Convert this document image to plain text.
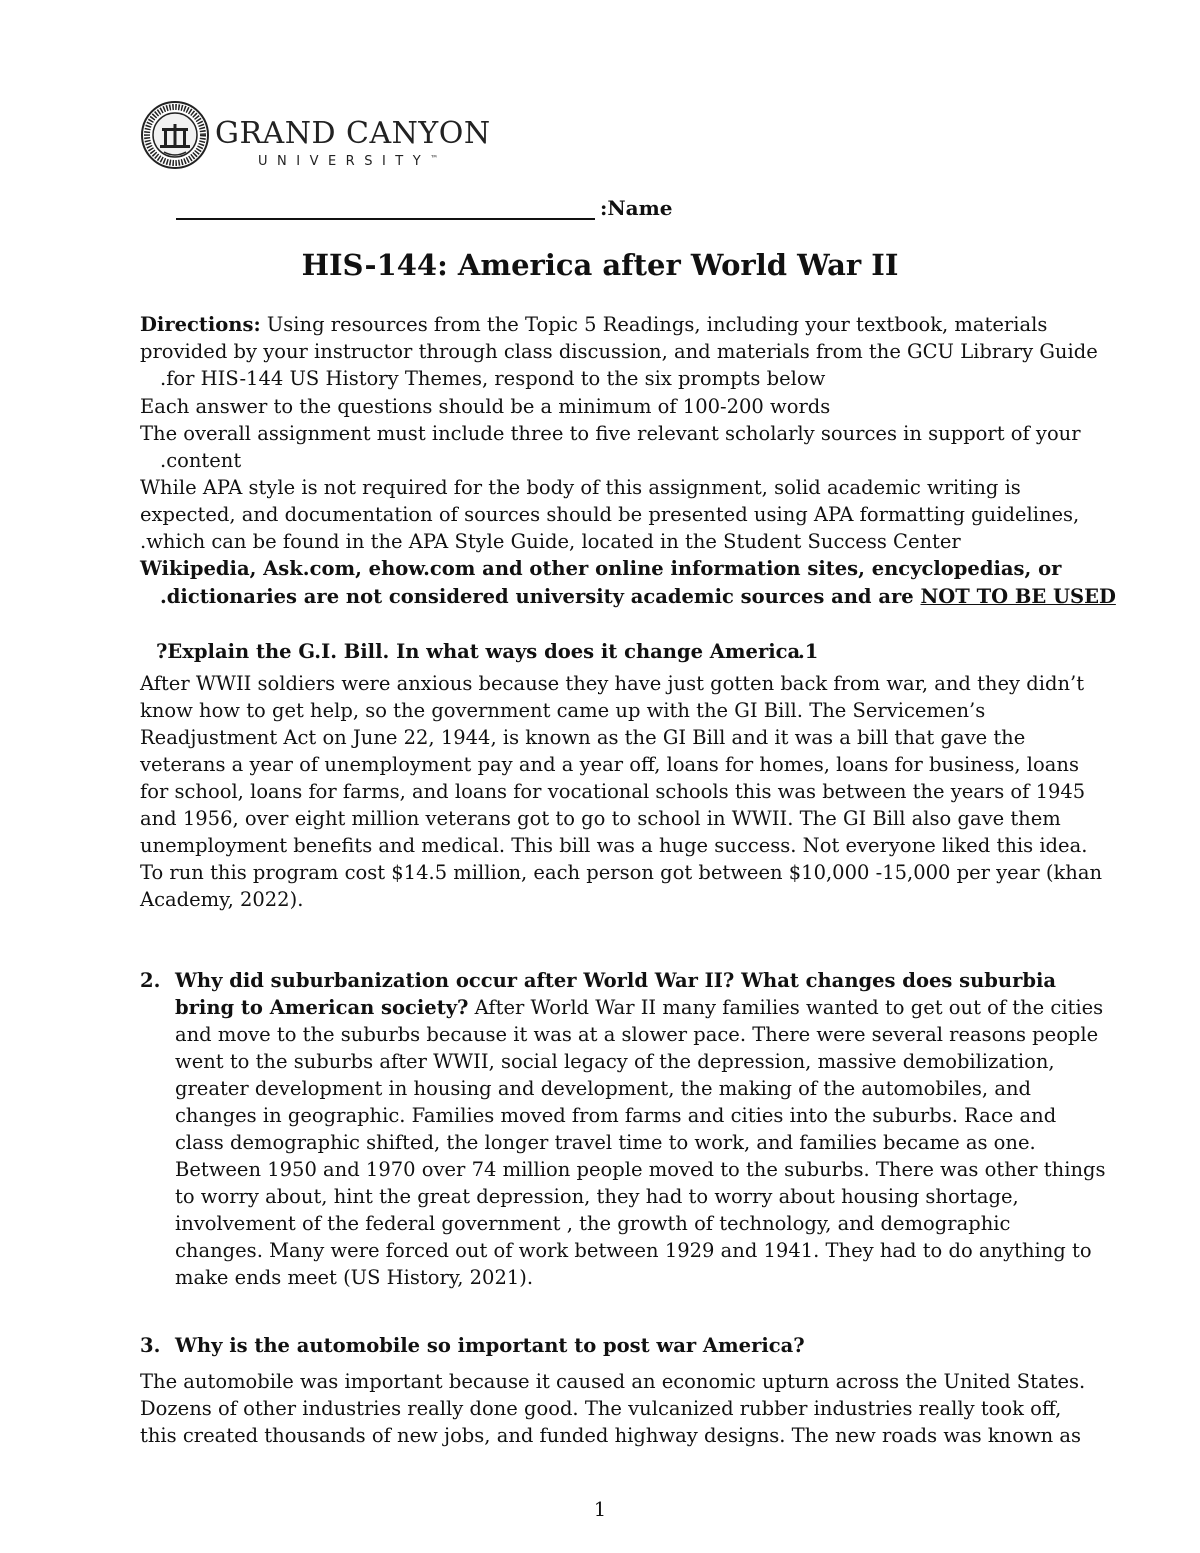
GRAND CANYON
UNIVERSITY™
:Name
HIS-144: America after World War II
Directions: Using resources from the Topic 5 Readings, including your textbook, materials
provided by your instructor through class discussion, and materials from the GCU Library Guide
.for HIS-144 US History Themes, respond to the six prompts below
Each answer to the questions should be a minimum of 100-200 words
The overall assignment must include three to five relevant scholarly sources in support of your
.content
While APA style is not required for the body of this assignment, solid academic writing is
expected, and documentation of sources should be presented using APA formatting guidelines,
.which can be found in the APA Style Guide, located in the Student Success Center
Wikipedia, Ask.com, ehow.com and other online information sites, encyclopedias, or
.dictionaries are not considered university academic sources and are NOT TO BE USED
?Explain the G.I. Bill. In what ways does it change America
.1
After WWII soldiers were anxious because they have just gotten back from war, and they didn’t
know how to get help, so the government came up with the GI Bill. The Servicemen’s
Readjustment Act on June 22, 1944, is known as the GI Bill and it was a bill that gave the
veterans a year of unemployment pay and a year off, loans for homes, loans for business, loans
for school, loans for farms, and loans for vocational schools this was between the years of 1945
and 1956, over eight million veterans got to go to school in WWII. The GI Bill also gave them
unemployment benefits and medical. This bill was a huge success. Not everyone liked this idea.
To run this program cost $14.5 million, each person got between $10,000 -15,000 per year (khan
Academy, 2022).
2. Why did suburbanization occur after World War II? What changes does suburbia
bring to American society? After World War II many families wanted to get out of the cities
and move to the suburbs because it was at a slower pace. There were several reasons people
went to the suburbs after WWII, social legacy of the depression, massive demobilization,
greater development in housing and development, the making of the automobiles, and
changes in geographic. Families moved from farms and cities into the suburbs. Race and
class demographic shifted, the longer travel time to work, and families became as one.
Between 1950 and 1970 over 74 million people moved to the suburbs. There was other things
to worry about, hint the great depression, they had to worry about housing shortage,
involvement of the federal government , the growth of technology, and demographic
changes. Many were forced out of work between 1929 and 1941. They had to do anything to
make ends meet (US History, 2021).
3. Why is the automobile so important to post war America?
The automobile was important because it caused an economic upturn across the United States.
Dozens of other industries really done good. The vulcanized rubber industries really took off,
this created thousands of new jobs, and funded highway designs. The new roads was known as
1
